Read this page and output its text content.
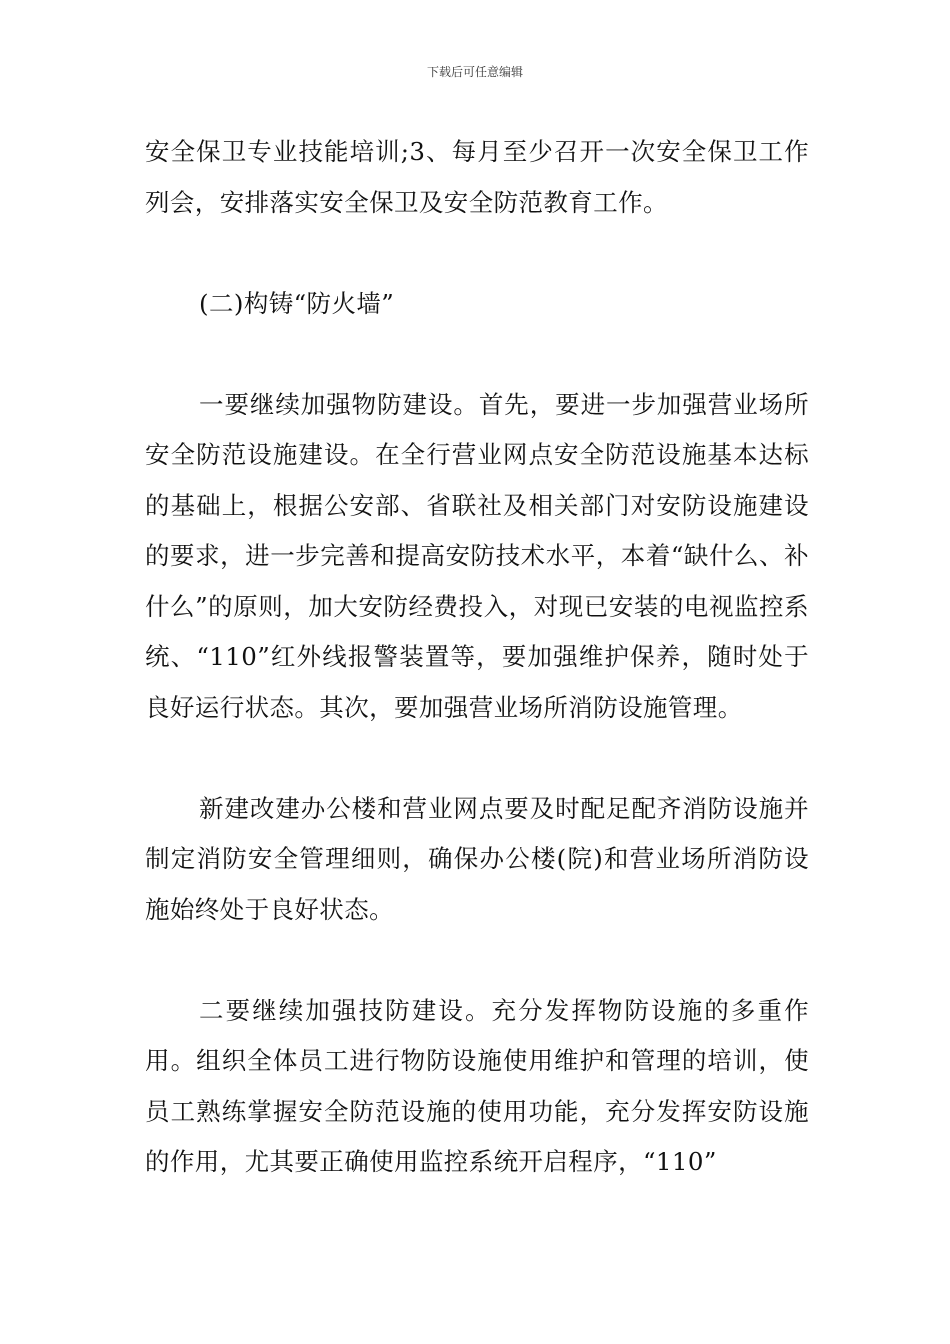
下载后可任意编辑

安全保卫专业技能培训;3、每月至少召开一次安全保卫工作列会，安排落实安全保卫及安全防范教育工作。

(二)构铸“防火墙”

一要继续加强物防建设。首先，要进一步加强营业场所安全防范设施建设。在全行营业网点安全防范设施基本达标的基础上，根据公安部、省联社及相关部门对安防设施建设的要求，进一步完善和提高安防技术水平，本着“缺什么、补什么”的原则，加大安防经费投入，对现已安装的电视监控系统、“110”红外线报警装置等，要加强维护保养，随时处于良好运行状态。其次，要加强营业场所消防设施管理。

新建改建办公楼和营业网点要及时配足配齐消防设施并制定消防安全管理细则，确保办公楼(院)和营业场所消防设施始终处于良好状态。

二要继续加强技防建设。充分发挥物防设施的多重作用。组织全体员工进行物防设施使用维护和管理的培训，使员工熟练掌握安全防范设施的使用功能，充分发挥安防设施的作用，尤其要正确使用监控系统开启程序，“110”
